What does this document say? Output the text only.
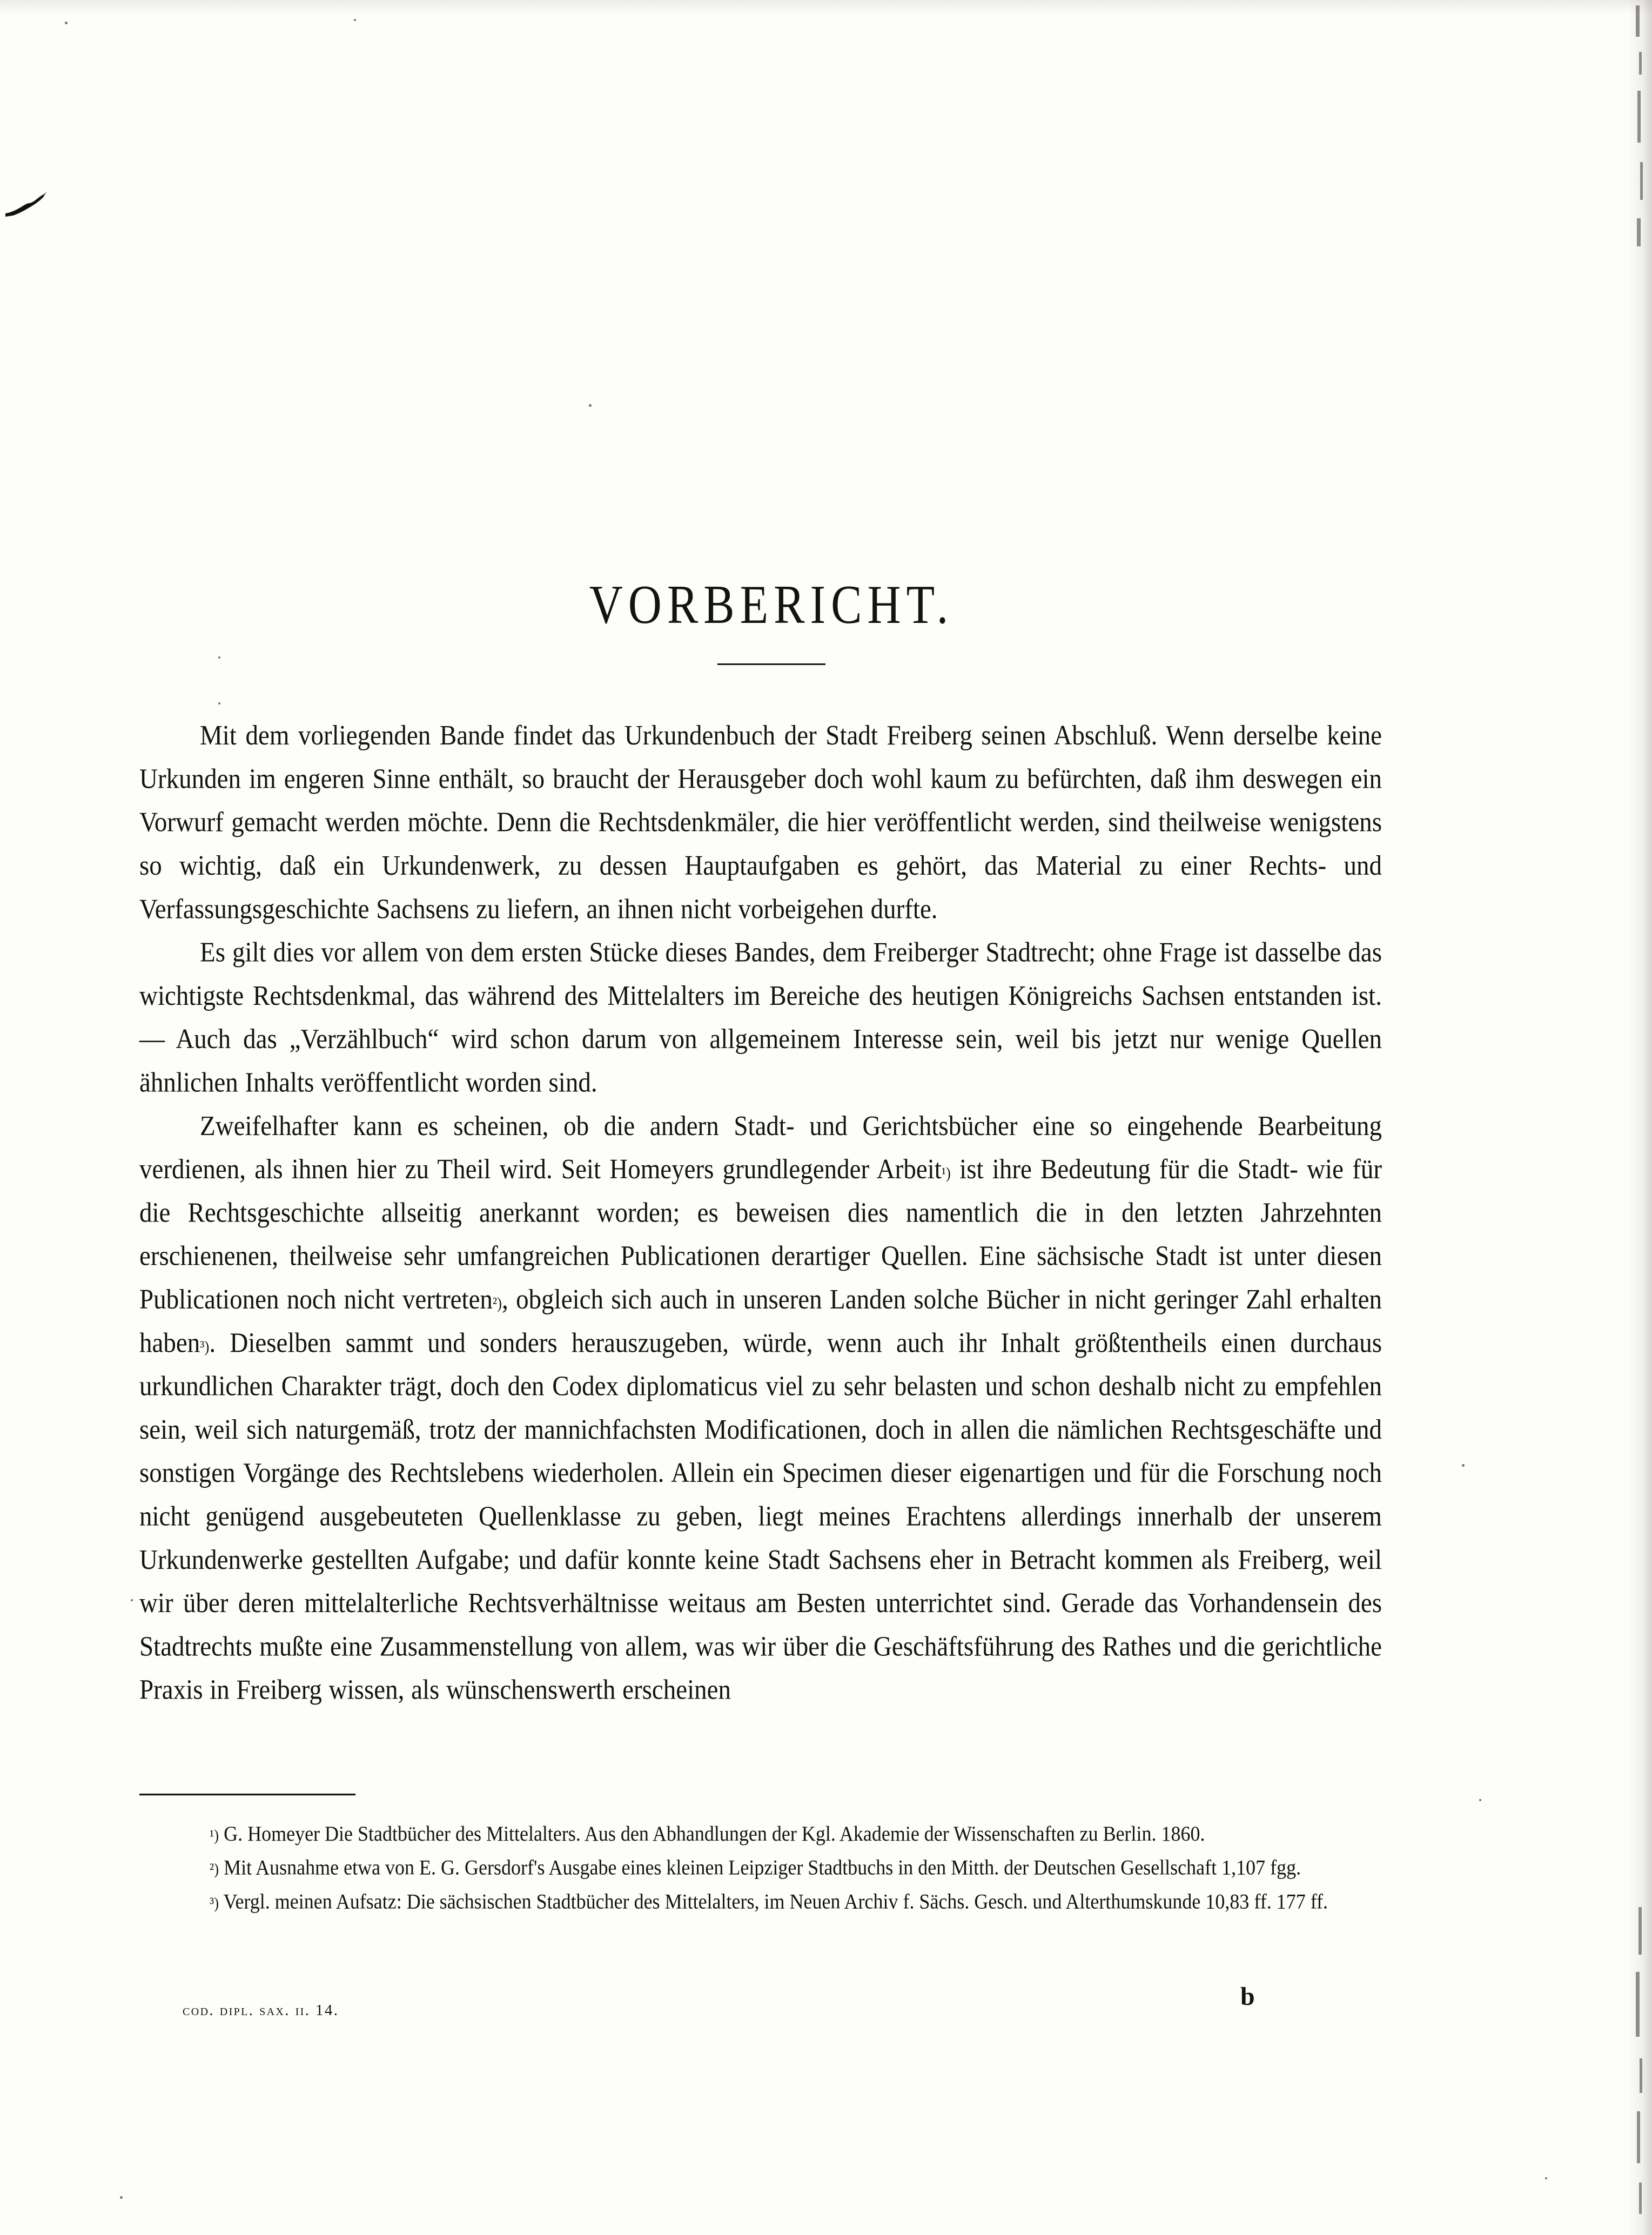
VORBERICHT.

Mit dem vorliegenden Bande findet das Urkundenbuch der Stadt Freiberg seinen Abschluß. Wenn derselbe keine Urkunden im engeren Sinne enthält, so braucht der Herausgeber doch wohl kaum zu befürchten, daß ihm deswegen ein Vorwurf gemacht werden möchte. Denn die Rechtsdenkmäler, die hier veröffentlicht werden, sind theilweise wenigstens so wichtig, daß ein Urkundenwerk, zu dessen Hauptaufgaben es gehört, das Material zu einer Rechts- und Verfassungsgeschichte Sachsens zu liefern, an ihnen nicht vorbeigehen durfte.

Es gilt dies vor allem von dem ersten Stücke dieses Bandes, dem Freiberger Stadtrecht; ohne Frage ist dasselbe das wichtigste Rechtsdenkmal, das während des Mittelalters im Bereiche des heutigen Königreichs Sachsen entstanden ist. — Auch das „Verzählbuch“ wird schon darum von allgemeinem Interesse sein, weil bis jetzt nur wenige Quellen ähnlichen Inhalts veröffentlicht worden sind.

Zweifelhafter kann es scheinen, ob die andern Stadt- und Gerichtsbücher eine so eingehende Bearbeitung verdienen, als ihnen hier zu Theil wird. Seit Homeyers grundlegender Arbeit$^{^1)}$ ist ihre Bedeutung für die Stadt- wie für die Rechtsgeschichte allseitig anerkannt worden; es beweisen dies namentlich die in den letzten Jahrzehnten erschienenen, theilweise sehr umfangreichen Publicationen derartiger Quellen. Eine sächsische Stadt ist unter diesen Publicationen noch nicht vertreten$^{^2)}$, obgleich sich auch in unseren Landen solche Bücher in nicht geringer Zahl erhalten haben$^{^3)}$. Dieselben sammt und sonders herauszugeben, würde, wenn auch ihr Inhalt größtentheils einen durchaus urkundlichen Charakter trägt, doch den Codex diplomaticus viel zu sehr belasten und schon deshalb nicht zu empfehlen sein, weil sich naturgemäß, trotz der mannichfachsten Modificationen, doch in allen die nämlichen Rechtsgeschäfte und sonstigen Vorgänge des Rechtslebens wiederholen. Allein ein Specimen dieser eigenartigen und für die Forschung noch nicht genügend ausgebeuteten Quellenklasse zu geben, liegt meines Erachtens allerdings innerhalb der unserem Urkundenwerke gestellten Aufgabe; und dafür konnte keine Stadt Sachsens eher in Betracht kommen als Freiberg, weil wir über deren mittelalterliche Rechtsverhältnisse weitaus am Besten unterrichtet sind. Gerade das Vorhandensein des Stadtrechts mußte eine Zusammenstellung von allem, was wir über die Geschäftsführung des Rathes und die gerichtliche Praxis in Freiberg wissen, als wünschenswerth erscheinen

$^{^1)}$ G. Homeyer Die Stadtbücher des Mittelalters. Aus den Abhandlungen der Kgl. Akademie der Wissenschaften zu Berlin. 1860.

$^{^2)}$ Mit Ausnahme etwa von E. G. Gersdorf's Ausgabe eines kleinen Leipziger Stadtbuchs in den Mitth. der Deutschen Gesellschaft 1,107 fgg.

$^{^3)}$ Vergl. meinen Aufsatz: Die sächsischen Stadtbücher des Mittelalters, im Neuen Archiv f. Sächs. Gesch. und Alterthumskunde 10,83 ff. 177 ff.

cod. dipl. sax. ii. 14.	b
